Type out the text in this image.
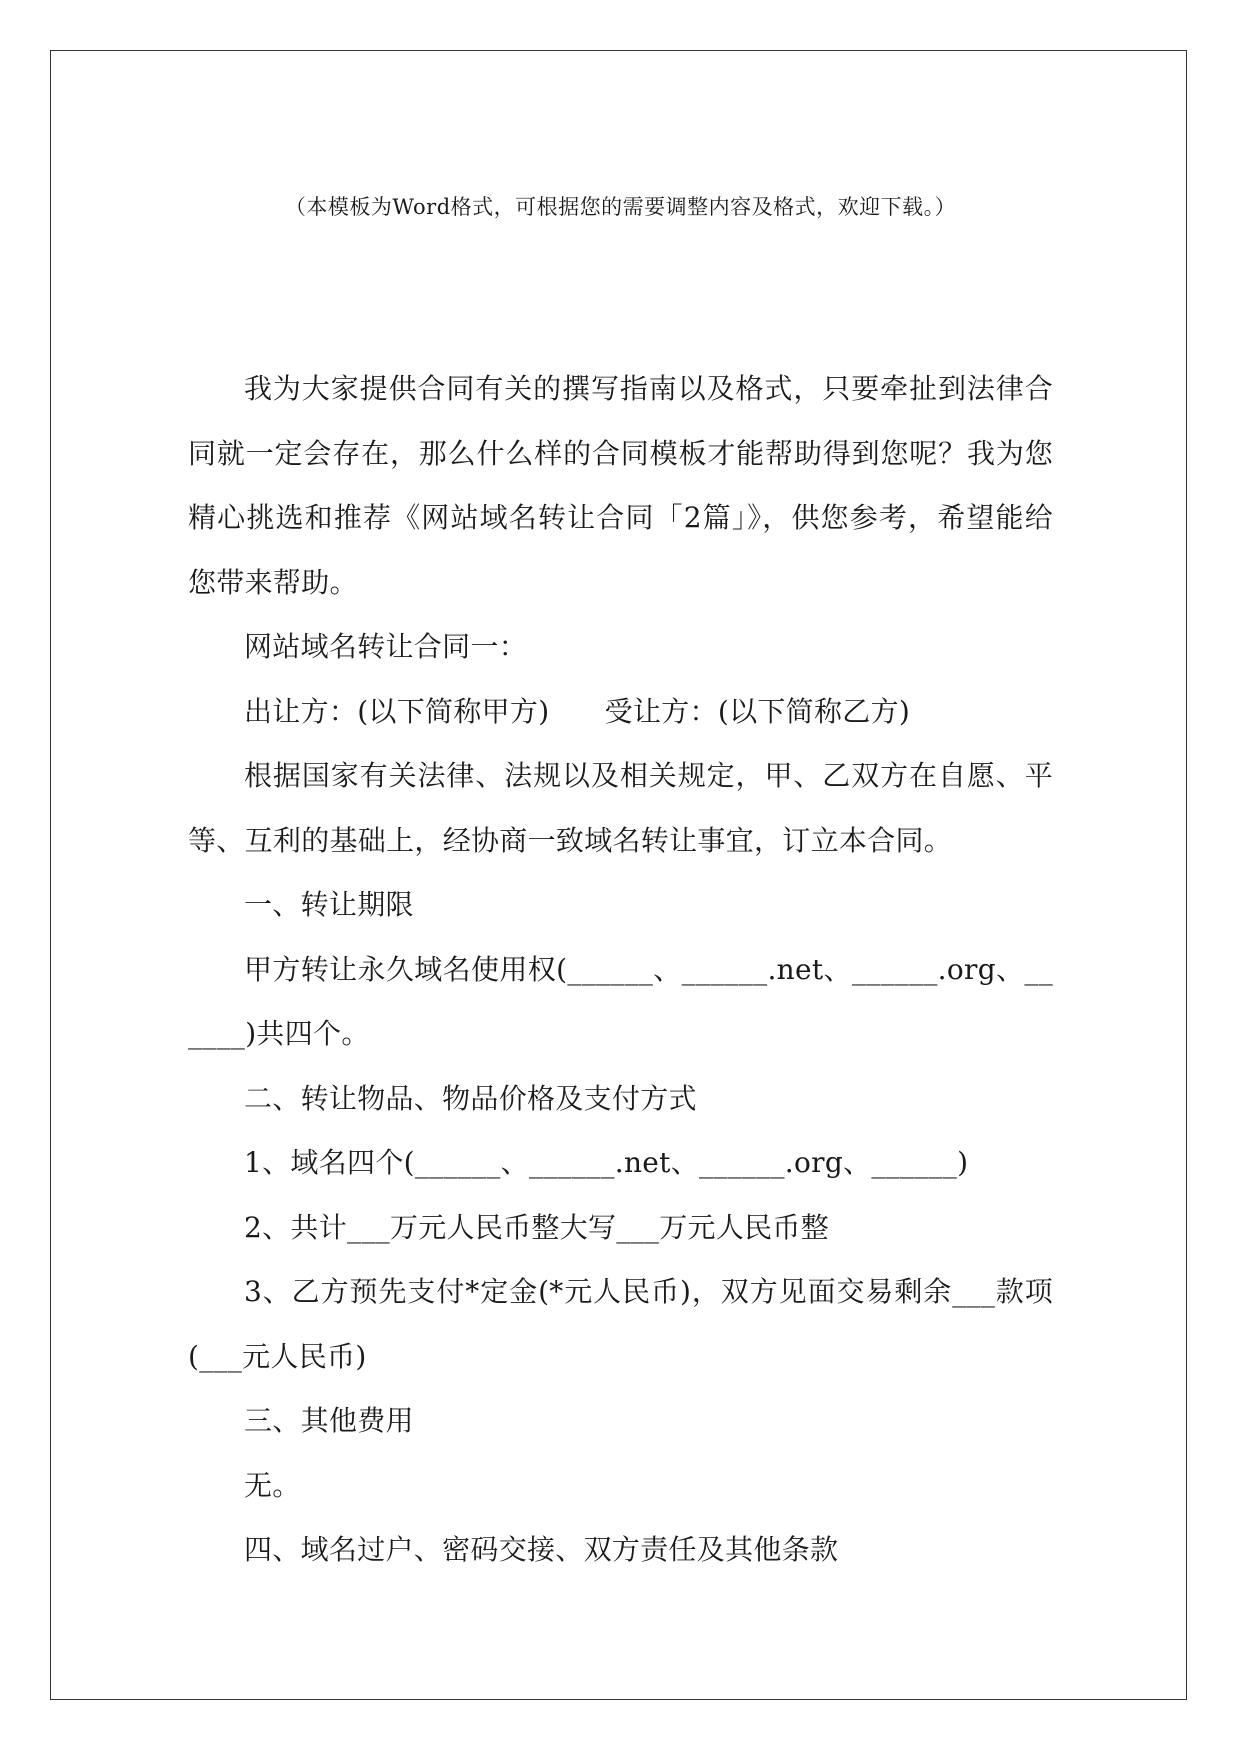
（本模板为Word格式，可根据您的需要调整内容及格式，欢迎下载。）

我为大家提供合同有关的撰写指南以及格式，只要牵扯到法律合同就一定会存在，那么什么样的合同模板才能帮助得到您呢？我为您精心挑选和推荐《网站域名转让合同「2篇」》，供您参考，希望能给您带来帮助。

网站域名转让合同一：

出让方：(以下简称甲方)      受让方：(以下简称乙方)

根据国家有关法律、法规以及相关规定，甲、乙双方在自愿、平等、互利的基础上，经协商一致域名转让事宜，订立本合同。

一、转让期限

甲方转让永久域名使用权(______、______.net、______.org、______)共四个。

二、转让物品、物品价格及支付方式

1、域名四个(______、______.net、______.org、______)

2、共计___万元人民币整大写___万元人民币整

3、乙方预先支付*定金(*元人民币)，双方见面交易剩余___款项(___元人民币)

三、其他费用

无。

四、域名过户、密码交接、双方责任及其他条款
